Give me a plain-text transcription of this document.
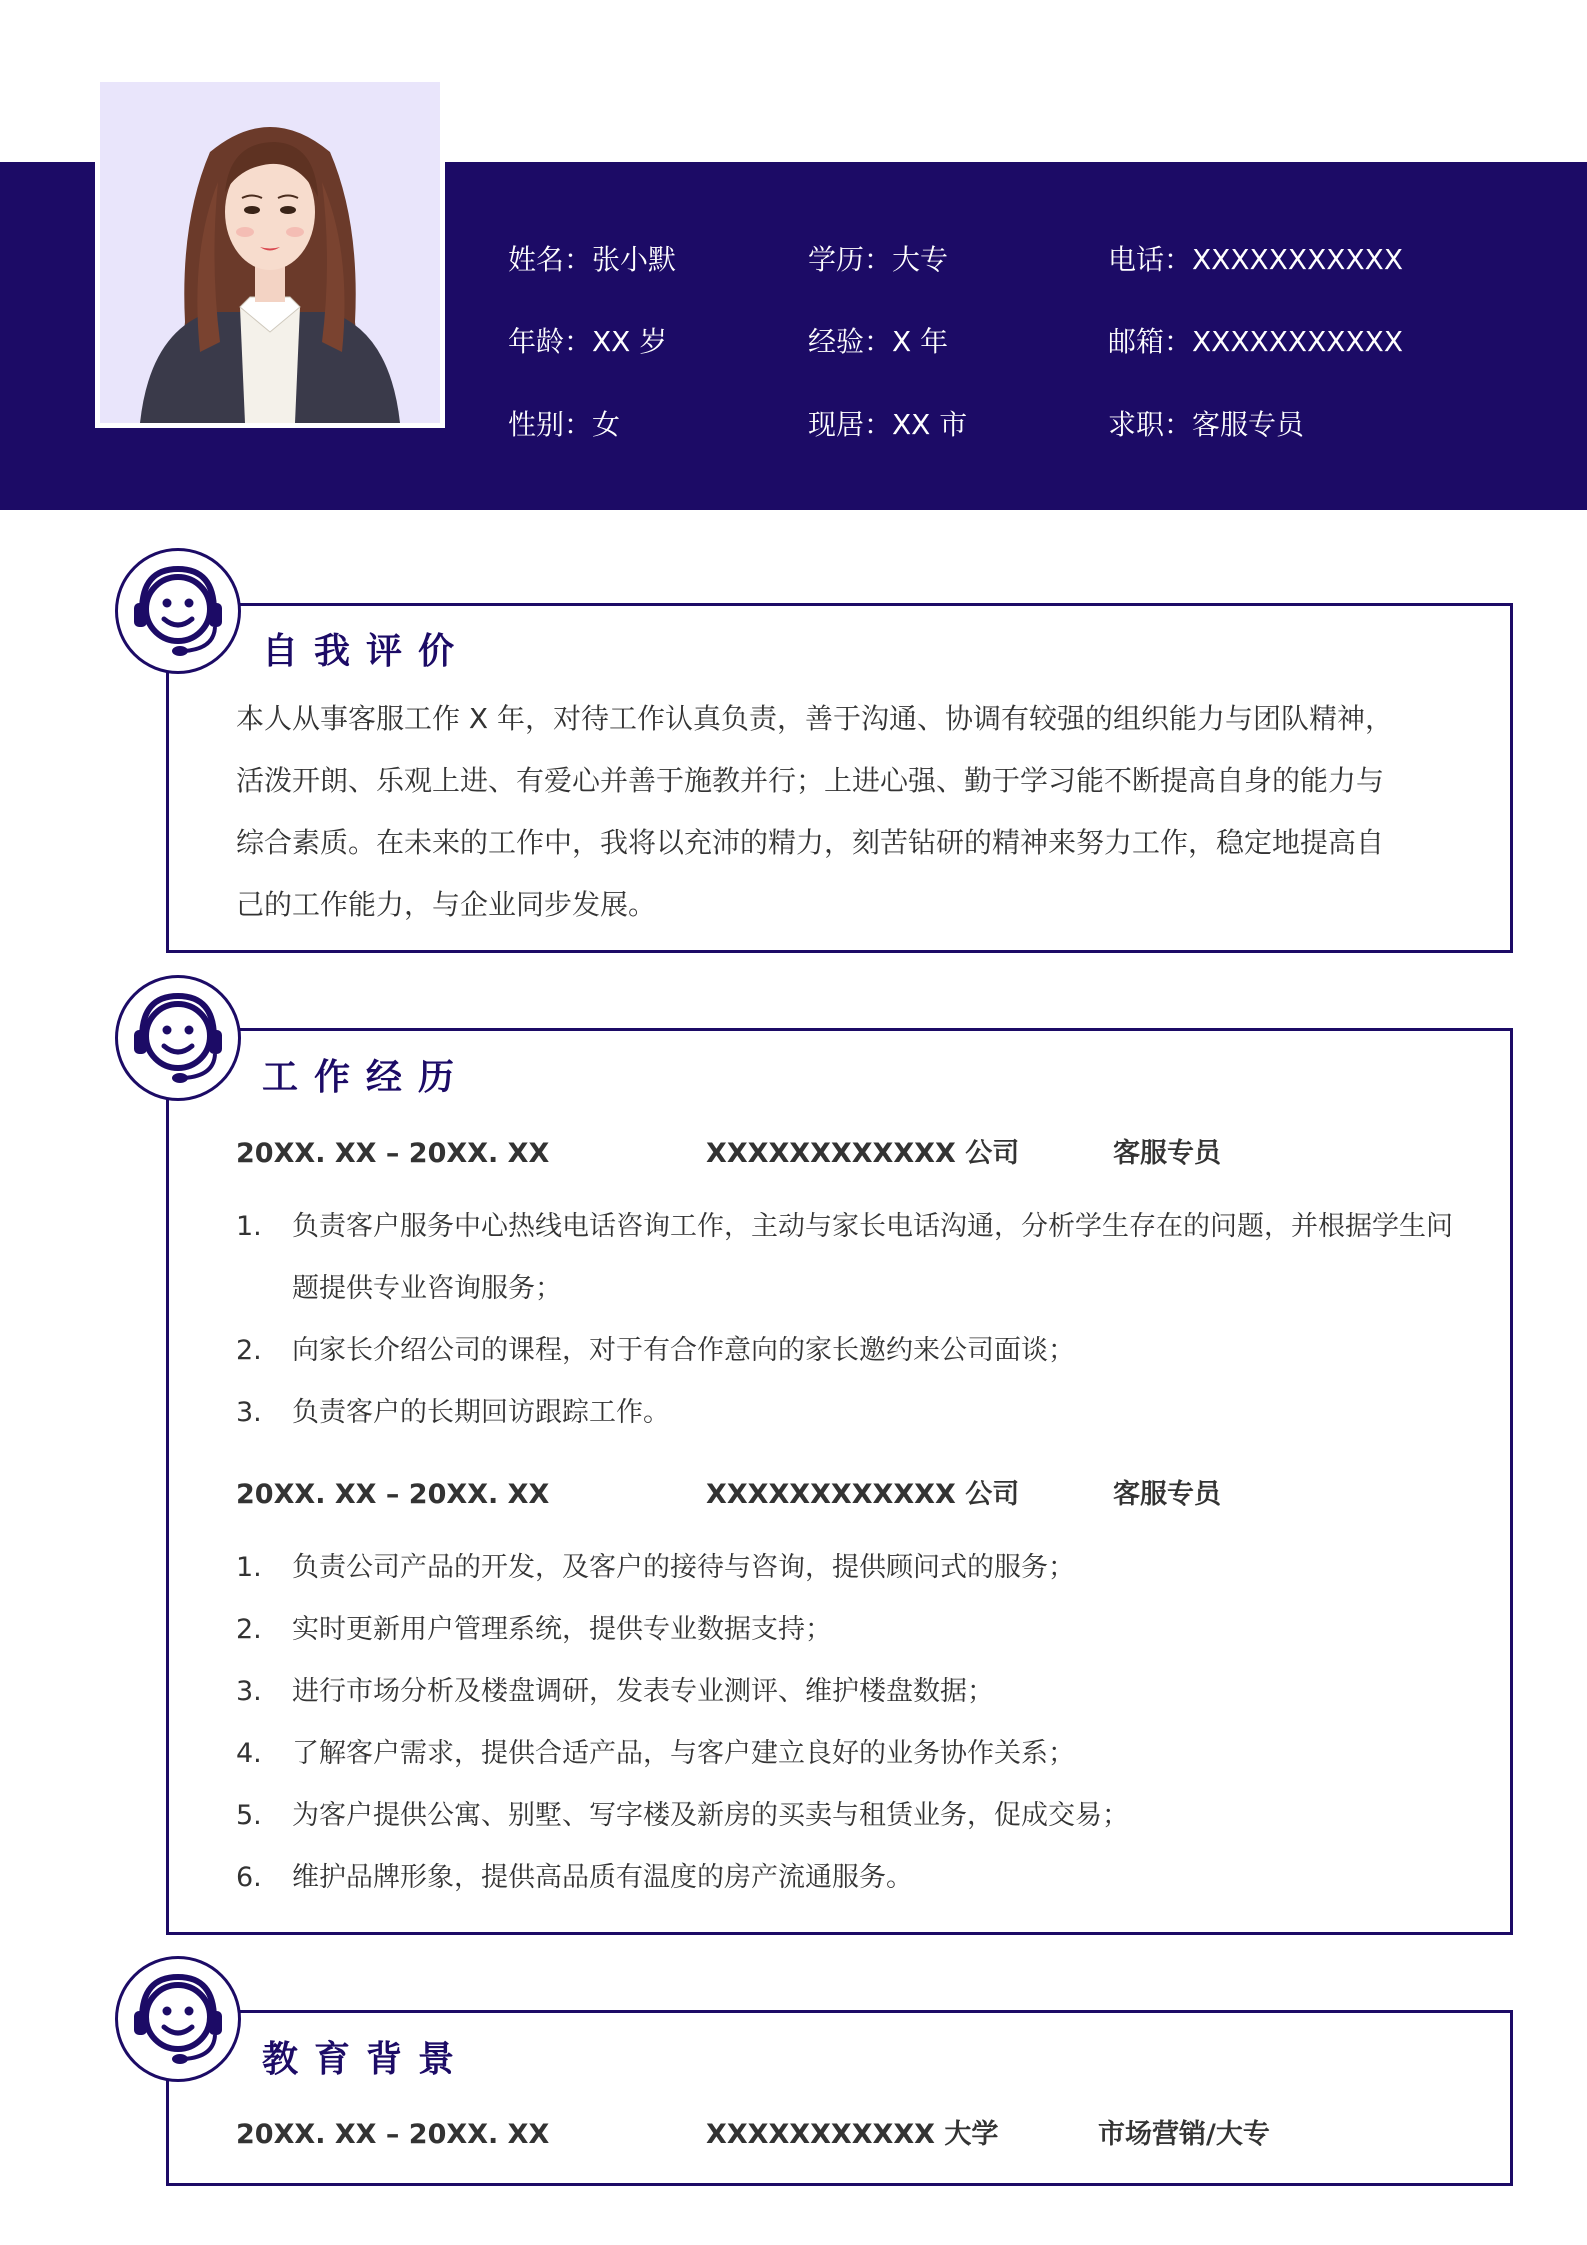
姓名：张小默	学历：大专	电话：XXXXXXXXXXX
年龄：XX 岁	经验：X 年	邮箱：XXXXXXXXXXX
性别：女	现居：XX 市	求职：客服专员
自我评价

本人从事客服工作 X 年，对待工作认真负责，善于沟通、协调有较强的组织能力与团队精神，

活泼开朗、乐观上进、有爱心并善于施教并行；上进心强、勤于学习能不断提高自身的能力与

综合素质。在未来的工作中，我将以充沛的精力，刻苦钻研的精神来努力工作，稳定地提高自

己的工作能力，与企业同步发展。

工作经历
20XX. XX – 20XX. XX	XXXXXXXXXXXX 公司	客服专员
1.	负责客户服务中心热线电话咨询工作，主动与家长电话沟通，分析学生存在的问题，并根据学生问题提供专业咨询服务；
2.	向家长介绍公司的课程，对于有合作意向的家长邀约来公司面谈；
3.	负责客户的长期回访跟踪工作。
20XX. XX – 20XX. XX	XXXXXXXXXXXX 公司	客服专员
1.	负责公司产品的开发，及客户的接待与咨询，提供顾问式的服务；
2.	实时更新用户管理系统，提供专业数据支持；
3.	进行市场分析及楼盘调研，发表专业测评、维护楼盘数据；
4.	了解客户需求，提供合适产品，与客户建立良好的业务协作关系；
5.	为客户提供公寓、别墅、写字楼及新房的买卖与租赁业务，促成交易；
6.	维护品牌形象，提供高品质有温度的房产流通服务。
教育背景
20XX. XX – 20XX. XX	XXXXXXXXXXX 大学	市场营销/大专
